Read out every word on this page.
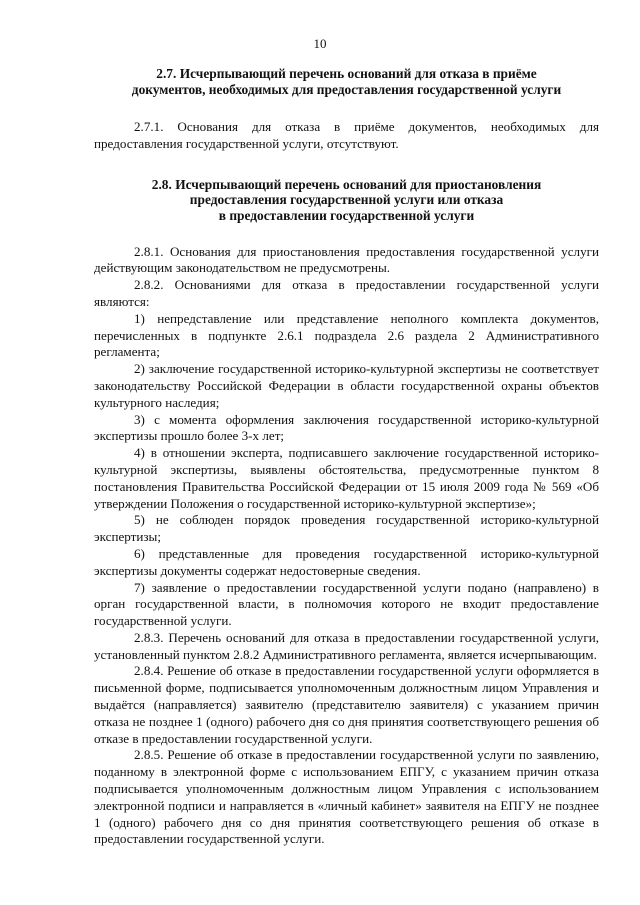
10
2.7. Исчерпывающий перечень оснований для отказа в приёме
документов, необходимых для предоставления государственной услуги

2.7.1. Основания для отказа в приёме документов, необходимых для предоставления государственной услуги, отсутствуют.

2.8. Исчерпывающий перечень оснований для приостановления
предоставления государственной услуги или отказа
в предоставлении государственной услуги

2.8.1. Основания для приостановления предоставления государственной услуги действующим законодательством не предусмотрены.

2.8.2. Основаниями для отказа в предоставлении государственной услуги являются:

1) непредставление или представление неполного комплекта документов, перечисленных в подпункте 2.6.1 подраздела 2.6 раздела 2 Административного регламента;

2) заключение государственной историко-культурной экспертизы не соответствует законодательству Российской Федерации в области государственной охраны объектов культурного наследия;

3) с момента оформления заключения государственной историко-культурной экспертизы прошло более 3-х лет;

4) в отношении эксперта, подписавшего заключение государственной историко-культурной экспертизы, выявлены обстоятельства, предусмотренные пунктом 8 постановления Правительства Российской Федерации от 15 июля 2009 года № 569 «Об утверждении Положения о государственной историко-культурной экспертизе»;

5) не соблюден порядок проведения государственной историко-культурной экспертизы;

6) представленные для проведения государственной историко-культурной экспертизы документы содержат недостоверные сведения.

7) заявление о предоставлении государственной услуги подано (направлено) в орган государственной власти, в полномочия которого не входит предоставление государственной услуги.

2.8.3. Перечень оснований для отказа в предоставлении государственной услуги, установленный пунктом 2.8.2 Административного регламента, является исчерпывающим.

2.8.4. Решение об отказе в предоставлении государственной услуги оформляется в письменной форме, подписывается уполномоченным должностным лицом Управления и выдаётся (направляется) заявителю (представителю заявителя) с указанием причин отказа не позднее 1 (одного) рабочего дня со дня принятия соответствующего решения об отказе в предоставлении государственной услуги.

2.8.5. Решение об отказе в предоставлении государственной услуги по заявлению, поданному в электронной форме с использованием ЕПГУ, с указанием причин отказа подписывается уполномоченным должностным лицом Управления с использованием электронной подписи и направляется в «личный кабинет» заявителя на ЕПГУ не позднее 1 (одного) рабочего дня со дня принятия соответствующего решения об отказе в предоставлении государственной услуги.
